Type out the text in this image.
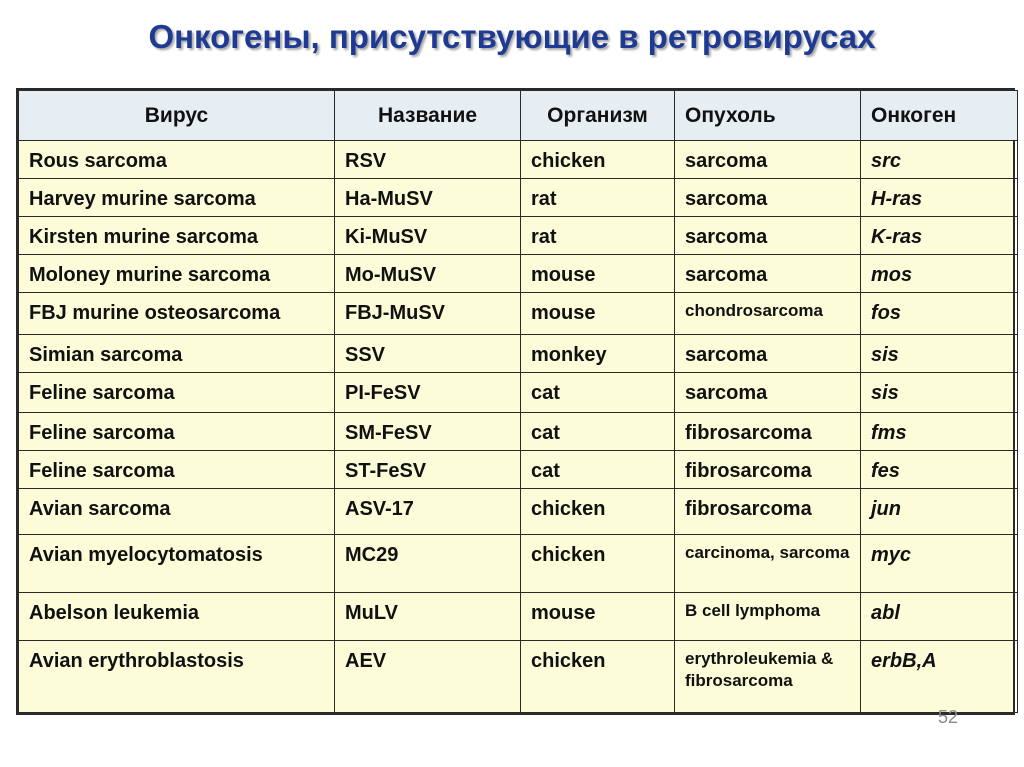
Онкогены, присутствующие в ретровирусах
Вирус	Название	Организм	Опухоль	Онкоген
Rous sarcoma	RSV	chicken	sarcoma	src
Harvey murine sarcoma	Ha-MuSV	rat	sarcoma	H-ras
Kirsten murine sarcoma	Ki-MuSV	rat	sarcoma	K-ras
Moloney murine sarcoma	Mo-MuSV	mouse	sarcoma	mos
FBJ murine osteosarcoma	FBJ-MuSV	mouse	chondrosarcoma	fos
Simian sarcoma	SSV	monkey	sarcoma	sis
Feline sarcoma	PI-FeSV	cat	sarcoma	sis
Feline sarcoma	SM-FeSV	cat	fibrosarcoma	fms
Feline sarcoma	ST-FeSV	cat	fibrosarcoma	fes
Avian sarcoma	ASV-17	chicken	fibrosarcoma	jun
Avian myelocytomatosis	MC29	chicken	carcinoma, sarcoma	myc
Abelson leukemia	MuLV	mouse	B cell lymphoma	abl
Avian erythroblastosis	AEV	chicken	erythroleukemia & fibrosarcoma	erbB,A
52
